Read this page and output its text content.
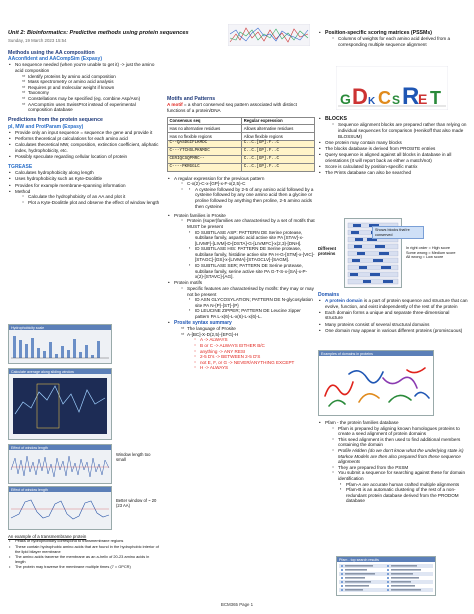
Unit 2: Bioinformatics: Predictive methods using protein sequences
Sunday, 19 March 2023 15:54
Methods using the AA composition
AAconfident and AACompSim (Expasy)
• No sequence needed (when you're unable to get it) -> just the amino acid composition
⇨ Identify proteins by amino acid composition
⇨ Mass spectrometry or amino acid analysis
⇨ Requires pI and molecular weight if known
⇨ Taxonomy
⇨ Constellations may be specified (eg. combine Asp/Asn)
⇨ AACompSim uses SwissProt instead of experimental composition database
Predictions from the protein sequence
pI, MW and ProtParam (Expasy)
• Provide only an input sequence = sequence the gene and provide it
• Performs theoretical pI calculations for each amino acid
• Calculates theoretical MW, composition, extinction coefficient, aliphatic index, hydrophobicity, etc.
• Possibly speculate regarding cellular location of protein
TGREASE
• Calculates hydrophobicity along length
• Uses hydrophobicity such as Kyte-Doolittle
• Provides for example membrane-spanning information
• Method
○ Calculate the hydrophobicity of an AA and plot it
○ Plot a Kyte-Doolittle plot and observe the effect of window length
Hydrophobicity scale
Calculate average along sliding window
Effect of window length
Window length too small
Effect of window length
Better window of ~ 20 (23 AA)
An example of a transmembrane protein
• Peaks of hydrophobicity correspond to transmembrane regions
• These contain hydrophobic amino acids that are found in the hydrophobic interior of the lipid bilayer membrane
• The amino acids traverse the membrane as an a-helix of 20-23 amino acids in length
• The protein may traverse the membrane multiple times (7 = GPCR)
Motifs and Patterns
A motif = a short conserved seq pattern associated with distinct functions of a protein/DNA
Consensus seq	Regular expression
Has no alternative residues	Allows alternative residues
Has no flexible regions	Allow flexible regions
C--QASDGIFLKMDC	C..C.[GP].F..C
C---YTCHSLPKNMDC	C..C.[GP].F..C
CERIQCSQPMRC--	C..C.[GP].F..C
C----PKRGGLC	C..C.[GP].F..C
• A regular expression for the previous pattern
○ C-x(2)-C-x-[GP]-x-F-x(2,5)-C
▪ ○ A cysteine followed by 2-5 of any amino acid followed by a cysteine followed by any one amino acid then a glycine or proline followed by anything then proline, 2-5 amino acids then cysteine
• Protein families in Prosite
○ Protein (super)families are characterised by a set of motifs that MUST be present
▪ ID SUBTILASE ASP: PATTERN DE Serine protease, subtilase family, aspartic acid active site PA [STAV]-x-[LIVMF]-[LIVM]-D-[DSTA]-G-[LIVMFC]-x(2,3)-[DNH].
▪ ID SUBTILASE HIS: PATTERN DE Serine protease, subtilase family, histidine active site PA H-G-[STM]-x-[VIC]-[STAGC]-[GS]-x-[LIVMA]-[STAGCLV]-[SAGM].
▪ ID SUBTILASE SER; PATTERN DE Serine protease, subtilase family, serine active site PA G-T-S-x-[SA]-x-P-x(2)-[STAVC]-[AG].
• Protein motifs
○ Specific features are characterised by motifs: they may or may not be present
▪ ID ASN GLYCOSYLATION; PATTERN DE N-glycosylation site PA N-{P}-[ST]-{P}
▪ ID LEUCINE ZIPPER; PATTERN DE Leucine zipper pattern PA L-x(6)-L-x(6)-L-x(6)-L.
• Prosite syntax summary
⇨ The language of Prosite
⇨ A-[BC]-X-D(2,5)-{EFG}-H
○ A -> ALWAYS
○ B or C -> ALWAYS EITHER B/C
○ anything -> ANY RESI
○ 2-5 D's -> BETWEEN 2-5 D'S
○ not E, F, or G -> NEVER/ANYTHING EXCEPT
○ H -> ALWAYS
• Position-specific scoring matrices (PSSMs)
○ Columns of weights for each amino acid derived from a corresponding multiple sequence alignment
G D K C S R
E T
• BLOCKS
○ Sequence alignment blocks are prepared rather than relying on individual sequences for comparison (Henikoff that also made BLOSSUM)
• One protein may contain many blocks
• The blocks database is derived from PROSITE entries
• Query sequence is aligned against all blocks in database in all orientations (It will report back as either a match/not)
• Score is calculated by position-specific matrix
• The Prints database can also be searched
Different proteins
Shows blocks that're conserved
In right order = High score
Some wrong = Medium score
All wrong = Low score
Domains
• A protein domain is a part of protein sequence and structure that can evolve, function, and exist independently of the rest of the protein
• Each domain forms a unique and separate three-dimensional structure
• Many proteins consist of several structural domains
• One domain may appear in various different proteins (promiscuous)
Examples of domains in proteins
• Pfam - the protein families database
○ Pfam is prepared by aligning known homologues proteins to create a seed alignment of protein domains
○ This seed alignment is then used to find additional members containing the domain
○ Profile Hidden (do we don't know what the underlying state is) Markov Models are then also prepared from these sequence alignments
○ They are prepared from the PSSM
○ You submit a sequence for searching against these for domain identification
▪ Pfam-A are accurate human crafted multiple alignments
▪ Pfam-B is an automatic clustering of the rest of a non-redundant protein database derived from the PRODOM database
Pfam - top search results
BCM365 Page 1
